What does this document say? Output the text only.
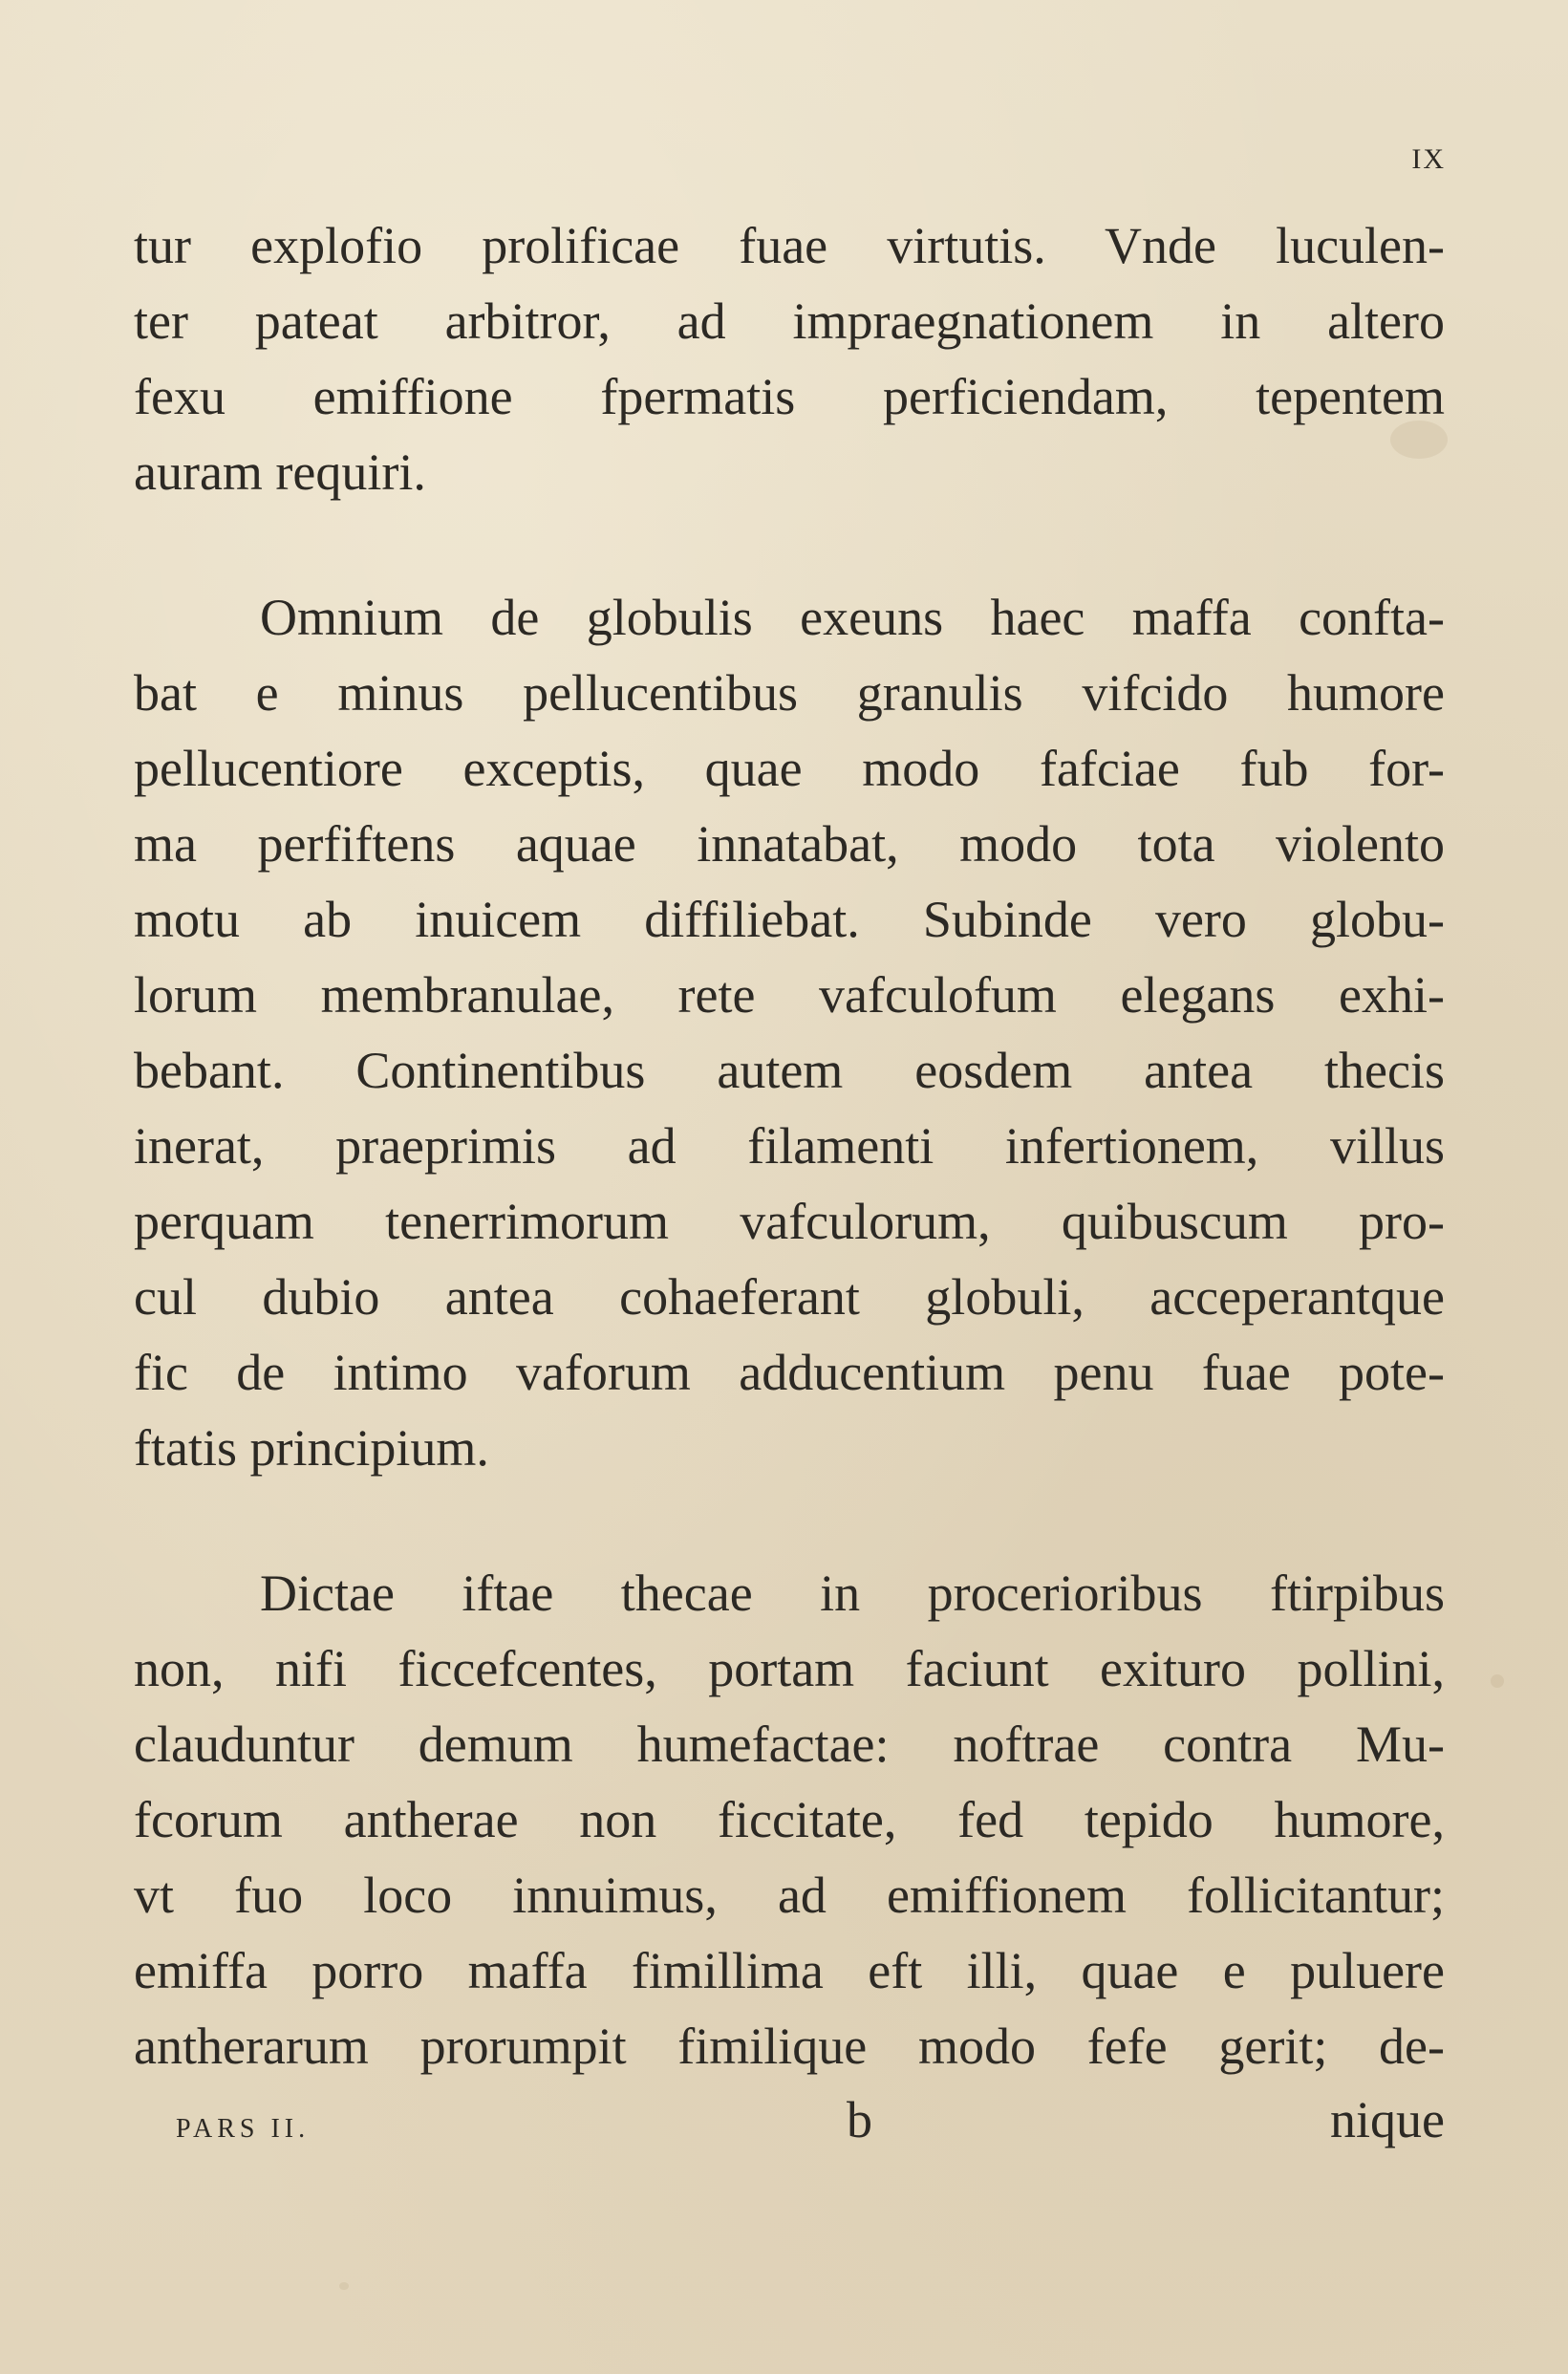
IX
tur explofio prolificae fuae virtutis. Vnde luculen-
ter pateat arbitror, ad impraegnationem in altero
fexu emiffione fpermatis perficiendam, tepentem
auram requiri.
Omnium de globulis exeuns haec maffa confta-
bat e minus pellucentibus granulis vifcido humore
pellucentiore exceptis, quae modo fafciae fub for-
ma perfiftens aquae innatabat, modo tota violento
motu ab inuicem diffiliebat. Subinde vero globu-
lorum membranulae, rete vafculofum elegans exhi-
bebant. Continentibus autem eosdem antea thecis
inerat, praeprimis ad filamenti infertionem, villus
perquam tenerrimorum vafculorum, quibuscum pro-
cul dubio antea cohaeferant globuli, acceperantque
fic de intimo vaforum adducentium penu fuae pote-
ftatis principium.
Dictae iftae thecae in procerioribus ftirpibus
non, nifi ficcefcentes, portam faciunt exituro pollini,
clauduntur demum humefactae: noftrae contra Mu-
fcorum antherae non ficcitate, fed tepido humore,
vt fuo loco innuimus, ad emiffionem follicitantur;
emiffa porro maffa fimillima eft illi, quae e puluere
antherarum prorumpit fimilique modo fefe gerit; de-
PARS II.	b	nique
